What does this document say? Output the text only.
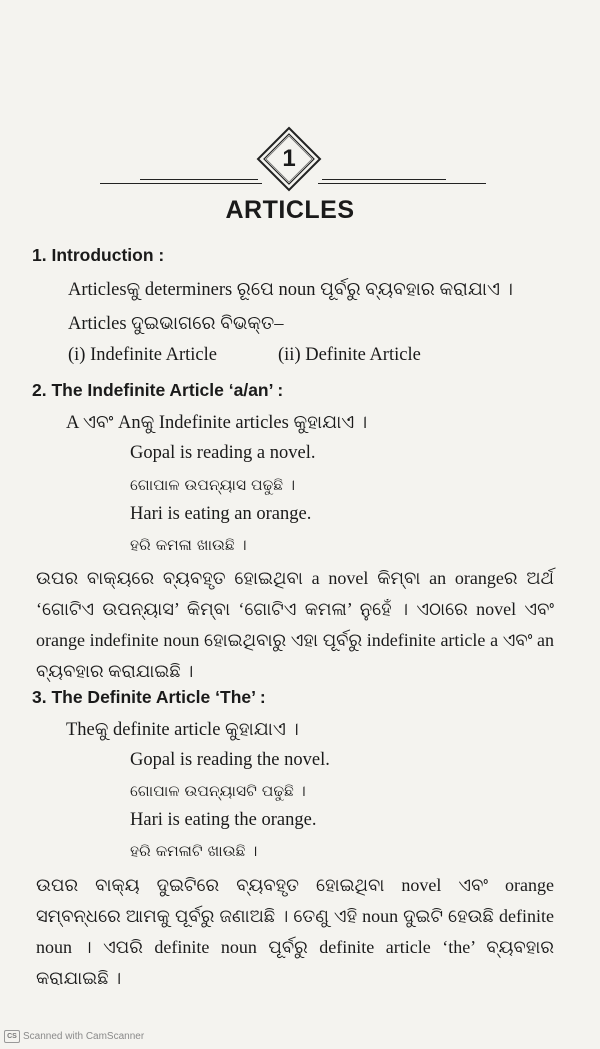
1
ARTICLES
1. Introduction :
Articlesକୁ determiners ରୂପେ noun ପୂର୍ବରୁ ବ୍ୟବହାର କରାଯାଏ ।
Articles ଦୁଇଭାଗରେ ବିଭକ୍ତ–
(i) Indefinite Article	(ii) Definite Article
2. The Indefinite Article ‘a/an’ :
A ଏବଂ Anକୁ Indefinite articles କୁହାଯାଏ ।
Gopal is reading a novel.
ଗୋପାଳ ଉପନ୍ୟାସ ପଢୁଛି ।
Hari is eating an orange.
ହରି କମଳା ଖାଉଛି ।
ଉପର ବାକ୍ୟରେ ବ୍ୟବହୃତ ହୋଇଥିବା a novel କିମ୍ବା an orangeର ଅର୍ଥ ‘ଗୋଟିଏ ଉପନ୍ୟାସ’ କିମ୍ବା ‘ଗୋଟିଏ କମଳା’ ନୁହେଁ । ଏଠାରେ novel ଏବଂ orange indefinite noun ହୋଇଥିବାରୁ ଏହା ପୂର୍ବରୁ indefinite article a ଏବଂ an ବ୍ୟବହାର କରାଯାଇଛି ।
3. The Definite Article ‘The’ :
Theକୁ definite article କୁହାଯାଏ ।
Gopal is reading the novel.
ଗୋପାଳ ଉପନ୍ୟାସଟି ପଢୁଛି ।
Hari is eating the orange.
ହରି କମଳାଟି ଖାଉଛି ।
ଉପର ବାକ୍ୟ ଦୁଇଟିରେ ବ୍ୟବହୃତ ହୋଇଥିବା novel ଏବଂ orange ସମ୍ବନ୍ଧରେ ଆମକୁ ପୂର୍ବରୁ ଜଣାଅଛି । ତେଣୁ ଏହି noun ଦୁଇଟି ହେଉଛି definite noun । ଏପରି definite noun ପୂର୍ବରୁ definite article ‘the’ ବ୍ୟବହାର କରାଯାଇଛି ।
CS Scanned with CamScanner
